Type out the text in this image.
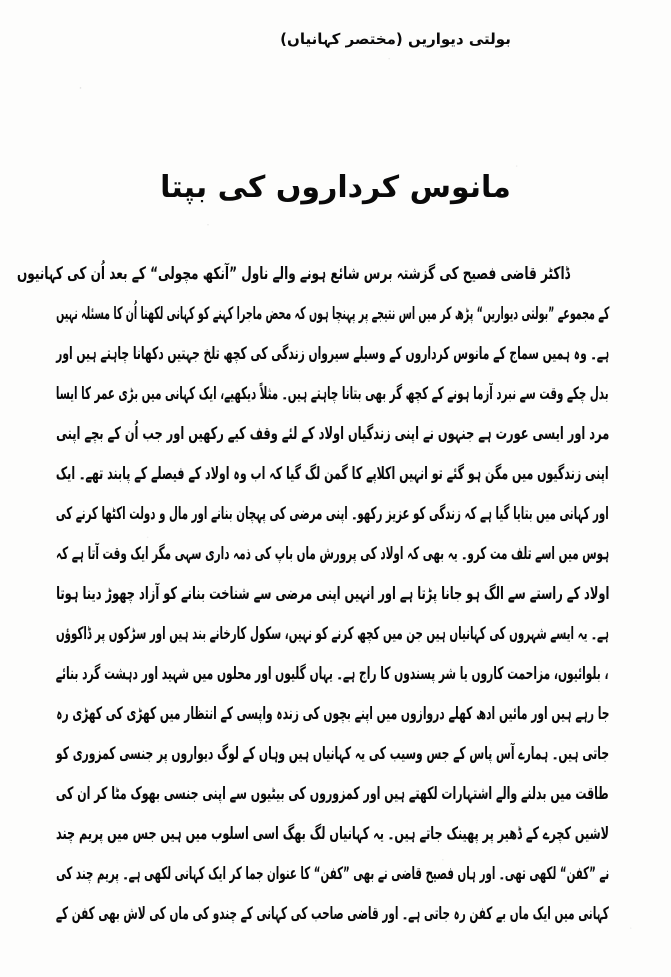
بولتی دیواریں (مختصر کہانیاں)
مانوس کرداروں کی بپتا
ڈاکٹر قاضی فصیح کی گزشتہ برس شائع ہونے والے ناول ”آنکھ مچولی“ کے بعد اُن کی کہانیوں
کے مجموعے ”بولتی دیواریں“ پڑھ کر میں اس نتیجے پر پہنچا ہوں کہ محض ماجرا کہنے کو کہانی لکھنا اُن کا مسئلہ نہیں
ہے۔ وہ ہمیں سماج کے مانوس کرداروں کے وسیلے سیرواں زندگی کی کچھ تلخ جہتیں دکھانا چاہتے ہیں اور
بدل چکے وقت سے نبرد آزما ہونے کے کچھ گر بھی بتانا چاہتے ہیں۔ مثلاً دیکھیے، ایک کہانی میں بڑی عمر کا ایسا
مرد اور ایسی عورت ہے جنہوں نے اپنی زندگیاں اولاد کے لئے وقف کیے رکھیں اور جب اُن کے بچے اپنی
اپنی زندگیوں میں مگن ہو گئے تو انہیں اکلاپے کا گمن لگ گیا کہ اب وہ اولاد کے فیصلے کے پابند تھے۔ ایک
اور کہانی میں بتایا گیا ہے کہ زندگی کو عزیز رکھو۔ اپنی مرضی کی پہچان بنانے اور مال و دولت اکٹھا کرنے کی
ہوس میں اسے تلف مت کرو۔ یہ بھی کہ اولاد کی پرورش ماں باپ کی ذمہ داری سہی مگر ایک وقت آتا ہے کہ
اولاد کے راستے سے الگ ہو جانا پڑتا ہے اور انہیں اپنی مرضی سے شناخت بنانے کو آزاد چھوڑ دینا ہوتا
ہے۔ یہ ایسے شہروں کی کہانیاں ہیں جن میں کچھ کرنے کو نہیں، سکول کارخانے بند ہیں اور سڑکوں پر ڈاکوؤں
، بلوائیوں، مزاحمت کاروں یا شر پسندوں کا راج ہے۔ یہاں گلیوں اور محلوں میں شہید اور دہشت گرد بنائے
جا رہے ہیں اور مائیں ادھ کھلے دروازوں میں اپنے بچوں کی زندہ واپسی کے انتظار میں کھڑی کی کھڑی رہ
جاتی ہیں۔ ہمارے آس پاس کے جس وسیب کی یہ کہانیاں ہیں وہاں کے لوگ دیواروں پر جنسی کمزوری کو
طاقت میں بدلنے والے اشتہارات لکھتے ہیں اور کمزوروں کی بیٹیوں سے اپنی جنسی بھوک مٹا کر ان کی
لاشیں کچرے کے ڈھیر پر پھینک جاتے ہیں۔ یہ کہانیاں لگ بھگ اسی اسلوب میں ہیں جس میں پریم چند
نے ”کفن“ لکھی تھی۔ اور ہاں فصیح قاضی نے بھی ”کفن“ کا عنوان جما کر ایک کہانی لکھی ہے۔ پریم چند کی
کہانی میں ایک ماں بے کفن رہ جاتی ہے۔ اور قاضی صاحب کی کہانی کے چندو کی ماں کی لاش بھی کفن کے
